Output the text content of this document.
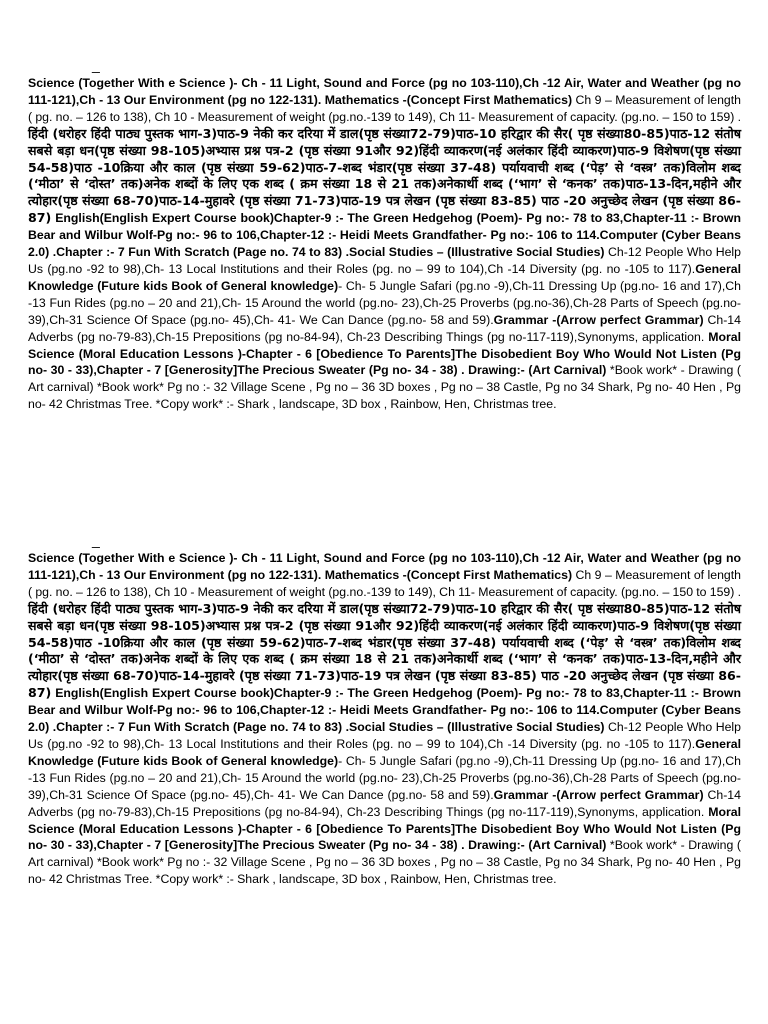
_

Science (Together With e Science )- Ch - 11 Light, Sound and Force (pg no 103-110),Ch -12 Air, Water and Weather (pg no 111-121),Ch - 13 Our Environment (pg no 122-131). Mathematics -(Concept First Mathematics) Ch 9 – Measurement of length ( pg. no. – 126 to 138), Ch 10 - Measurement of weight (pg.no.-139 to 149), Ch 11- Measurement of capacity. (pg.no. – 150 to 159) . हिंदी (धरोहर हिंदी पाठ्य पुस्तक भाग-3)पाठ-9 नेकी कर दरिया में डाल(पृष्ठ संख्या72-79)पाठ-10 हरिद्वार की सैर( पृष्ठ संख्या80-85)पाठ-12 संतोष सबसे बड़ा धन(पृष्ठ संख्या 98-105)अभ्यास प्रश्न पत्र-2 (पृष्ठ संख्या 91और 92)हिंदी व्याकरण(नई अलंकार हिंदी व्याकरण)पाठ-9 विशेषण(पृष्ठ संख्या 54-58)पाठ -10क्रिया और काल (पृष्ठ संख्या 59-62)पाठ-7-शब्द भंडार(पृष्ठ संख्या 37-48) पर्यायवाची शब्द (‘पेड़’ से ‘वस्त्र’ तक)विलोम शब्द (‘मीठा’ से ‘दोस्त’ तक)अनेक शब्दों के लिए एक शब्द ( क्रम संख्या 18 से 21 तक)अनेकार्थी शब्द (‘भाग’ से ‘कनक’ तक)पाठ-13-दिन,महीने और त्योहार(पृष्ठ संख्या 68-70)पाठ-14-मुहावरे (पृष्ठ संख्या 71-73)पाठ-19 पत्र लेखन (पृष्ठ संख्या 83-85) पाठ -20 अनुच्छेद लेखन (पृष्ठ संख्या 86-87) English(English Expert Course book)Chapter-9 :- The Green Hedgehog (Poem)- Pg no:- 78 to 83,Chapter-11 :- Brown Bear and Wilbur Wolf-Pg no:- 96 to 106,Chapter-12 :- Heidi Meets Grandfather- Pg no:- 106 to 114.Computer (Cyber Beans 2.0) .Chapter :- 7 Fun With Scratch (Page no. 74 to 83) .Social Studies – (Illustrative Social Studies) Ch-12 People Who Help Us (pg.no -92 to 98),Ch- 13 Local Institutions and their Roles (pg. no – 99 to 104),Ch -14 Diversity (pg. no -105 to 117).General Knowledge (Future kids Book of General knowledge)- Ch- 5 Jungle Safari (pg.no -9),Ch-11 Dressing Up (pg.no- 16 and 17),Ch -13 Fun Rides (pg.no – 20 and 21),Ch- 15 Around the world (pg.no- 23),Ch-25 Proverbs (pg.no-36),Ch-28 Parts of Speech (pg.no-39),Ch-31 Science Of Space (pg.no- 45),Ch- 41- We Can Dance (pg.no- 58 and 59).Grammar -(Arrow perfect Grammar) Ch-14 Adverbs (pg no-79-83),Ch-15 Prepositions (pg no-84-94), Ch-23 Describing Things (pg no-117-119),Synonyms, application. Moral Science (Moral Education Lessons )-Chapter - 6 [Obedience To Parents]The Disobedient Boy Who Would Not Listen (Pg no- 30 - 33),Chapter - 7 [Generosity]The Precious Sweater (Pg no- 34 - 38) . Drawing:- (Art Carnival) *Book work* - Drawing ( Art carnival) *Book work* Pg no :- 32 Village Scene , Pg no – 36 3D boxes , Pg no – 38 Castle, Pg no 34 Shark, Pg no- 40 Hen , Pg no- 42 Christmas Tree. *Copy work* :- Shark , landscape, 3D box , Rainbow, Hen, Christmas tree.

_

Science (Together With e Science )- Ch - 11 Light, Sound and Force (pg no 103-110),Ch -12 Air, Water and Weather (pg no 111-121),Ch - 13 Our Environment (pg no 122-131). Mathematics -(Concept First Mathematics) Ch 9 – Measurement of length ( pg. no. – 126 to 138), Ch 10 - Measurement of weight (pg.no.-139 to 149), Ch 11- Measurement of capacity. (pg.no. – 150 to 159) . हिंदी (धरोहर हिंदी पाठ्य पुस्तक भाग-3)पाठ-9 नेकी कर दरिया में डाल(पृष्ठ संख्या72-79)पाठ-10 हरिद्वार की सैर( पृष्ठ संख्या80-85)पाठ-12 संतोष सबसे बड़ा धन(पृष्ठ संख्या 98-105)अभ्यास प्रश्न पत्र-2 (पृष्ठ संख्या 91और 92)हिंदी व्याकरण(नई अलंकार हिंदी व्याकरण)पाठ-9 विशेषण(पृष्ठ संख्या 54-58)पाठ -10क्रिया और काल (पृष्ठ संख्या 59-62)पाठ-7-शब्द भंडार(पृष्ठ संख्या 37-48) पर्यायवाची शब्द (‘पेड़’ से ‘वस्त्र’ तक)विलोम शब्द (‘मीठा’ से ‘दोस्त’ तक)अनेक शब्दों के लिए एक शब्द ( क्रम संख्या 18 से 21 तक)अनेकार्थी शब्द (‘भाग’ से ‘कनक’ तक)पाठ-13-दिन,महीने और त्योहार(पृष्ठ संख्या 68-70)पाठ-14-मुहावरे (पृष्ठ संख्या 71-73)पाठ-19 पत्र लेखन (पृष्ठ संख्या 83-85) पाठ -20 अनुच्छेद लेखन (पृष्ठ संख्या 86-87) English(English Expert Course book)Chapter-9 :- The Green Hedgehog (Poem)- Pg no:- 78 to 83,Chapter-11 :- Brown Bear and Wilbur Wolf-Pg no:- 96 to 106,Chapter-12 :- Heidi Meets Grandfather- Pg no:- 106 to 114.Computer (Cyber Beans 2.0) .Chapter :- 7 Fun With Scratch (Page no. 74 to 83) .Social Studies – (Illustrative Social Studies) Ch-12 People Who Help Us (pg.no -92 to 98),Ch- 13 Local Institutions and their Roles (pg. no – 99 to 104),Ch -14 Diversity (pg. no -105 to 117).General Knowledge (Future kids Book of General knowledge)- Ch- 5 Jungle Safari (pg.no -9),Ch-11 Dressing Up (pg.no- 16 and 17),Ch -13 Fun Rides (pg.no – 20 and 21),Ch- 15 Around the world (pg.no- 23),Ch-25 Proverbs (pg.no-36),Ch-28 Parts of Speech (pg.no-39),Ch-31 Science Of Space (pg.no- 45),Ch- 41- We Can Dance (pg.no- 58 and 59).Grammar -(Arrow perfect Grammar) Ch-14 Adverbs (pg no-79-83),Ch-15 Prepositions (pg no-84-94), Ch-23 Describing Things (pg no-117-119),Synonyms, application. Moral Science (Moral Education Lessons )-Chapter - 6 [Obedience To Parents]The Disobedient Boy Who Would Not Listen (Pg no- 30 - 33),Chapter - 7 [Generosity]The Precious Sweater (Pg no- 34 - 38) . Drawing:- (Art Carnival) *Book work* - Drawing ( Art carnival) *Book work* Pg no :- 32 Village Scene , Pg no – 36 3D boxes , Pg no – 38 Castle, Pg no 34 Shark, Pg no- 40 Hen , Pg no- 42 Christmas Tree. *Copy work* :- Shark , landscape, 3D box , Rainbow, Hen, Christmas tree.
